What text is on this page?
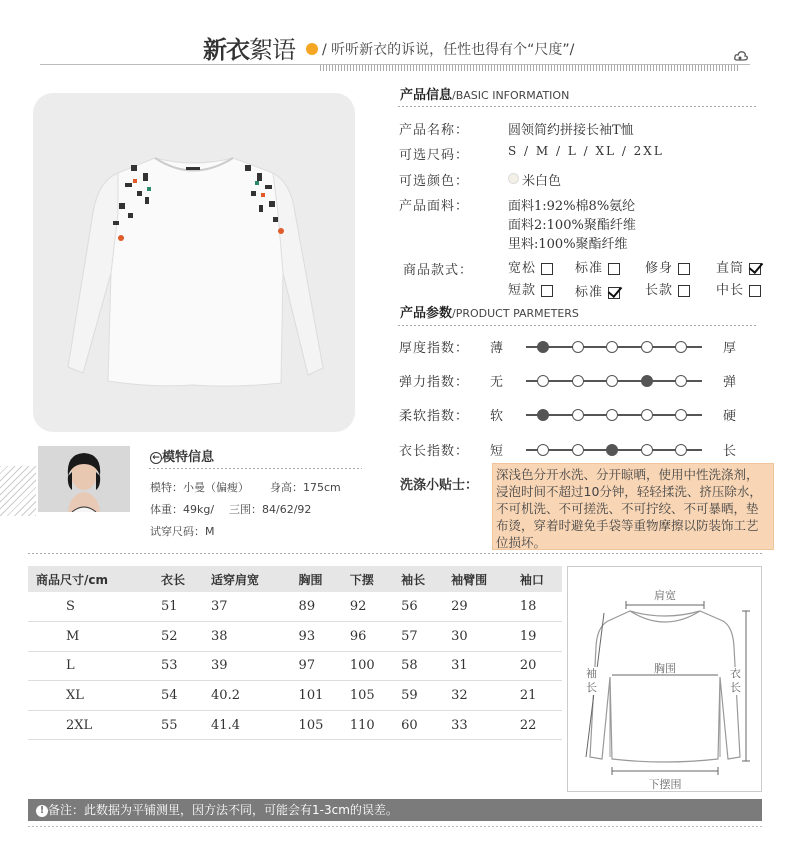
新衣絮语 / 听听新衣的诉说，任性也得有个“尺度”/
产品信息/BASIC INFORMATION
产品名称：	圆领简约拼接长袖T恤
可选尺码：	S / M / L / XL / 2XL
可选颜色：	米白色
产品面料：	面料1:92%棉8%氨纶
面料2:100%聚酯纤维
里料:100%聚酯纤维
商品款式：	宽松	标准	修身	直筒
短款	标准	长款	中长
产品参数/PRODUCT PARMETERS
厚度指数： 薄	厚
弹力指数： 无	弹
柔软指数： 软	硬
衣长指数： 短	长
洗涤小贴士：
深浅色分开水洗、分开晾晒，使用中性洗涤剂，浸泡时间不超过10分钟，轻轻揉洗、挤压除水，不可机洗、不可搓洗、不可拧绞、不可暴晒，垫布烫，穿着时避免手袋等重物摩擦以防装饰工艺位损坏。
← 模特信息
模特：小曼（偏瘦） 身高：175cm
体重：49kg/ 三围：84/62/92
试穿尺码：M
商品尺寸/cm	衣长	适穿肩宽	胸围	下摆	袖长	袖臂围	袖口
S	51	37	89	92	56	29	18
M	52	38	93	96	57	30	19
L	53	39	97	100	58	31	20
XL	54	40.2	101	105	59	32	21
2XL	55	41.4	105	110	60	33	22
肩宽
胸围
下摆围
袖长
衣长
! 备注：此数据为平铺测里，因方法不同，可能会有1-3cm的误差。
